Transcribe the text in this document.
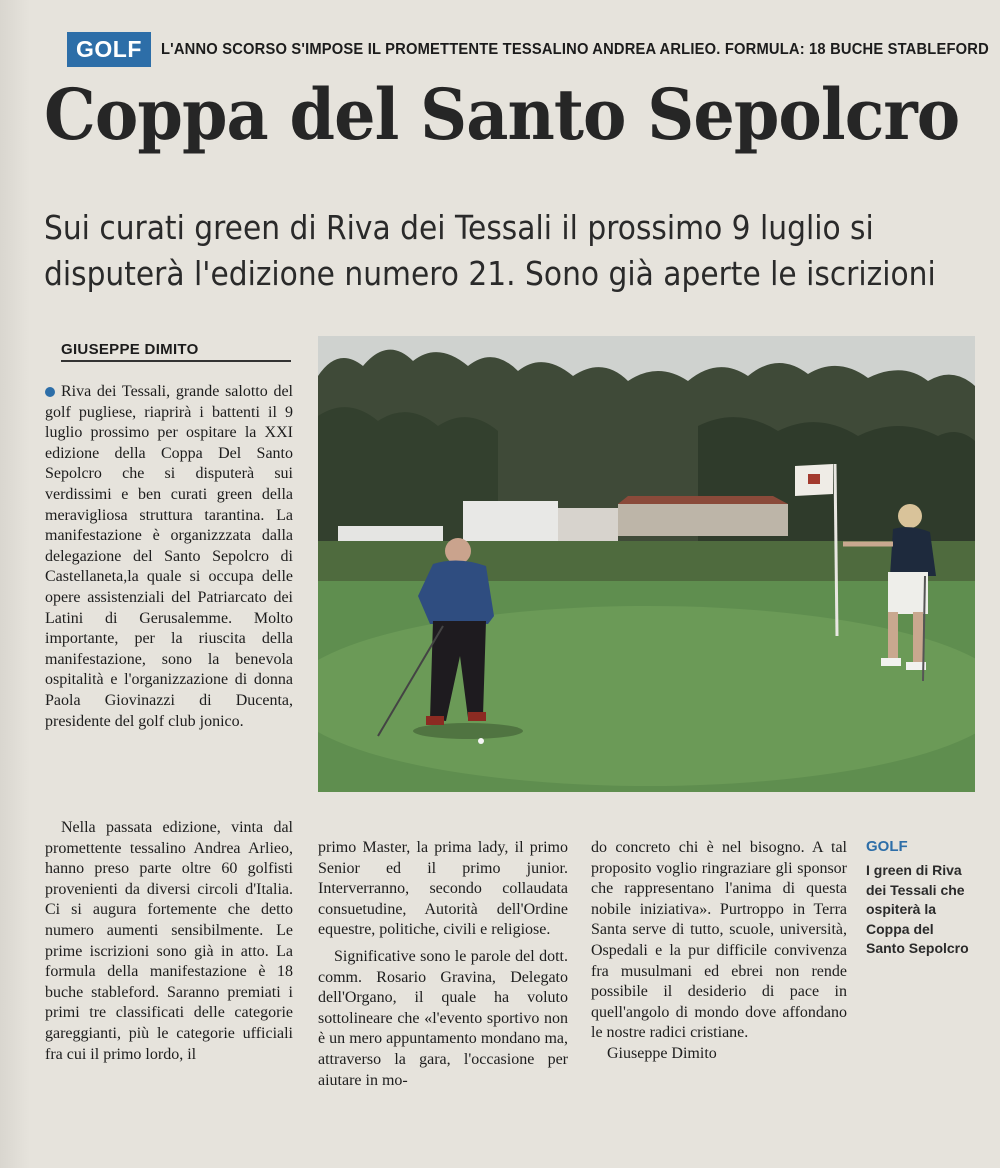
GOLF	L'ANNO SCORSO S'IMPOSE IL PROMETTENTE TESSALINO ANDREA ARLIEO. FORMULA: 18 BUCHE STABLEFORD
Coppa del Santo Sepolcro
Sui curati green di Riva dei Tessali il prossimo 9 luglio si
disputerà l'edizione numero 21. Sono già aperte le iscrizioni
GIUSEPPE DIMITO

Riva dei Tessali, grande salotto del golf pugliese, riaprirà i battenti il 9 luglio prossimo per ospitare la XXI edizione della Coppa Del Santo Sepolcro che si disputerà sui verdissimi e ben curati green della meravigliosa struttura tarantina. La manifestazione è organizzzata dalla delegazione del Santo Sepolcro di Castellaneta,la quale si occupa delle opere assistenziali del Patriarcato dei Latini di Gerusalemme. Molto importante, per la riuscita della manifestazione, sono la benevola ospitalità e l'organizzazione di donna Paola Giovinazzi di Ducenta, presidente del golf club jonico.

Nella passata edizione, vinta dal promettente tessalino Andrea Arlieo, hanno preso parte oltre 60 golfisti provenienti da diversi circoli d'Italia. Ci si augura fortemente che detto numero aumenti sensibilmente. Le prime iscrizioni sono già in atto. La formula della manifestazione è 18 buche stableford. Saranno premiati i primi tre classificati delle categorie gareggianti, più le categorie ufficiali fra cui il primo lordo, il

primo Master, la prima lady, il primo Senior ed il primo junior. Interverranno, secondo collaudata consuetudine, Autorità dell'Ordine equestre, politiche, civili e religiose.

Significative sono le parole del dott. comm. Rosario Gravina, Delegato dell'Organo, il quale ha voluto sottolineare che «l'evento sportivo non è un mero appuntamento mondano ma, attraverso la gara, l'occasione per aiutare in mo-

do concreto chi è nel bisogno. A tal proposito voglio ringraziare gli sponsor che rappresentano l'anima di questa nobile iniziativa». Purtroppo in Terra Santa serve di tutto, scuole, università, Ospedali e la pur difficile convivenza fra musulmani ed ebrei non rende possibile il desiderio di pace in quell'angolo di mondo dove affondano le nostre radici cristiane.

Giuseppe Dimito

GOLF
I green di Riva dei Tessali che ospiterà la Coppa del Santo Sepolcro
